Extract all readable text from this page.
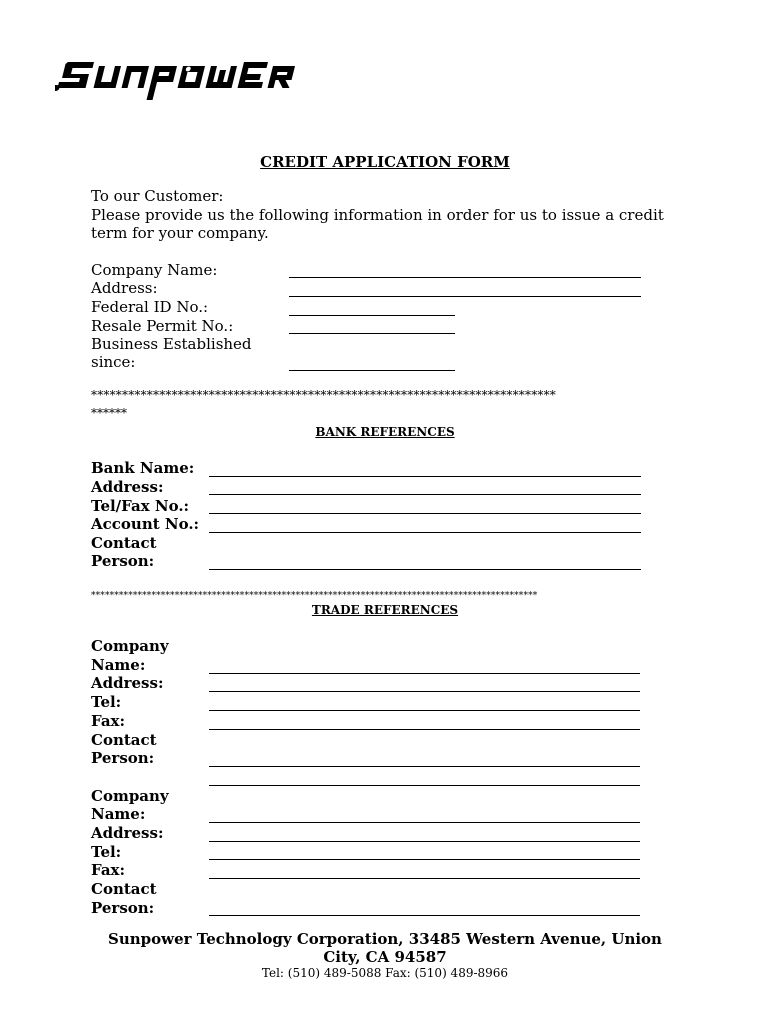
CREDIT APPLICATION FORM
To our Customer:
Please provide us the following information in order for us to issue a credit
term for your company.
Company Name:
Address:
Federal ID No.:
Resale Permit No.:
Business Established
since:
***************************************************************************
******
BANK REFERENCES
Bank Name:
Address:
Tel/Fax No.:
Account No.:
Contact
Person:
************************************************************************************************
TRADE REFERENCES
Company
Name:
Address:
Tel:
Fax:
Contact
Person:
Company
Name:
Address:
Tel:
Fax:
Contact
Person:
Sunpower Technology Corporation, 33485 Western Avenue, Union
City, CA 94587
Tel: (510) 489-5088 Fax: (510) 489-8966
